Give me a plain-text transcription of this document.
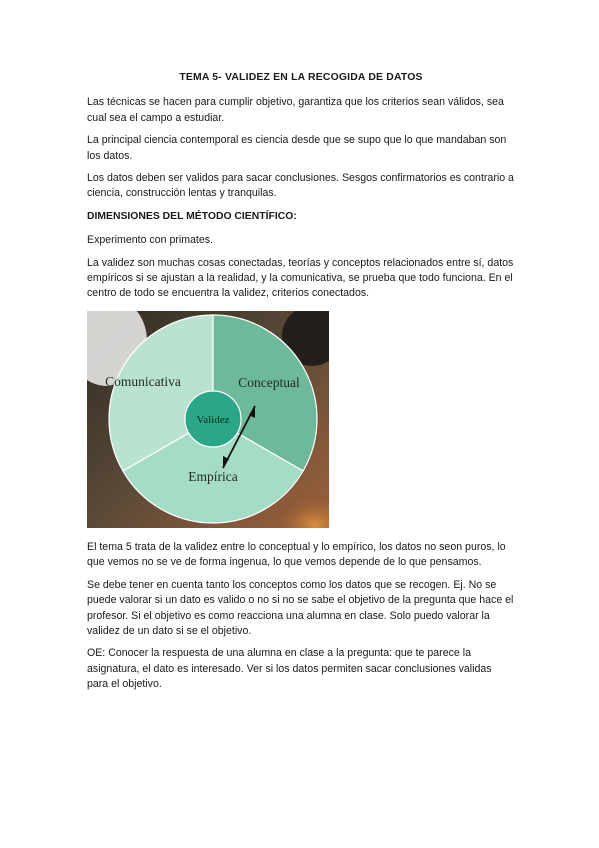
TEMA 5- VALIDEZ EN LA RECOGIDA DE DATOS

Las técnicas se hacen para cumplir objetivo, garantiza que los criterios sean válidos, sea cual sea el campo a estudiar.

La principal ciencia contemporal es ciencia desde que se supo que lo que mandaban son los datos.

Los datos deben ser validos para sacar conclusiones. Sesgos confirmatorios es contrario a ciencia, construcción lentas y tranquilas.

DIMENSIONES DEL MÉTODO CIENTÍFICO:

Experimento con primates.

La validez son muchas cosas conectadas, teorías y conceptos relacionados entre sí, datos empíricos si se ajustan a la realidad, y la comunicativa, se prueba que todo funciona. En el centro de todo se encuentra la validez, criterios conectados.

Comunicativa	Conceptual
Empírica
Validez

El tema 5 trata de la validez entre lo conceptual y lo empírico, los datos no seon puros, lo que vemos no se ve de forma ingenua, lo que vemos depende de lo que pensamos.

Se debe tener en cuenta tanto los conceptos como los datos que se recogen. Ej. No se puede valorar si un dato es valido o no si no se sabe el objetivo de la pregunta que hace el profesor. Si el objetivo es como reacciona una alumna en clase. Solo puedo valorar la validez de un dato si se el objetivo.

OE: Conocer la respuesta de una alumna en clase a la pregunta: que te parece la asignatura, el dato es interesado. Ver si los datos permiten sacar conclusiones validas para el objetivo.
